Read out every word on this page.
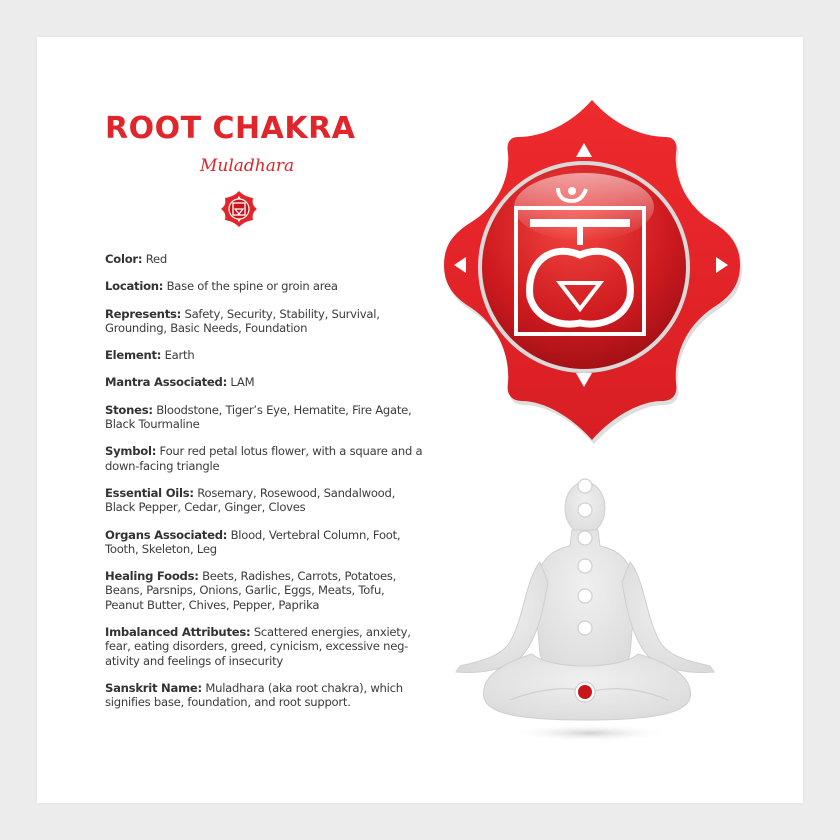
ROOT CHAKRA
Muladhara
Color: Red
Location: Base of the spine or groin area
Represents: Safety, Security, Stability, Survival, Grounding, Basic Needs, Foundation
Element: Earth
Mantra Associated: LAM
Stones: Bloodstone, Tiger’s Eye, Hematite, Fire Agate, Black Tourmaline
Symbol: Four red petal lotus flower, with a square and a down-facing triangle
Essential Oils: Rosemary, Rosewood, Sandalwood, Black Pepper, Cedar, Ginger, Cloves
Organs Associated: Blood, Vertebral Column, Foot, Tooth, Skeleton, Leg
Healing Foods: Beets, Radishes, Carrots, Potatoes, Beans, Parsnips, Onions, Garlic, Eggs, Meats, Tofu, Peanut Butter, Chives, Pepper, Paprika
Imbalanced Attributes: Scattered energies, anxiety, fear, eating disorders, greed, cynicism, excessive neg-ativity and feelings of insecurity
Sanskrit Name: Muladhara (aka root chakra), which signifies base, foundation, and root support.
